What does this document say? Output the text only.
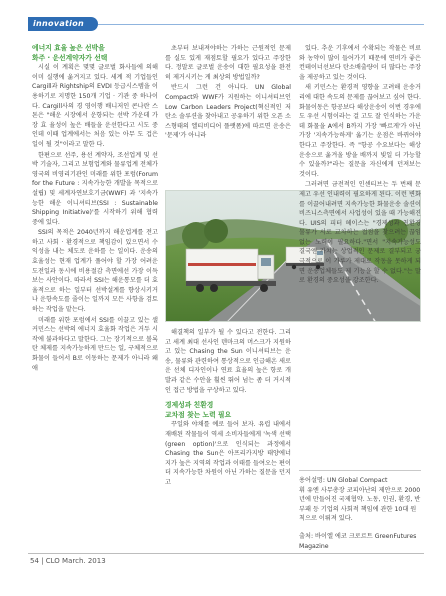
innovation
에너지 효율 높은 선박을
화주 · 운선계약자가 선택

시실 이 계획은 몇몇 글로벌 화사들에 의해 이미 실행에 옮겨지고 있다. 세계 적 기업들인 Cargill과 Rightship의 EVDI 등급시스템을 이용하기로 지명한 150개 기업 · 기관 중 하나이다. Cargill사의 경 영이행 배니저인 콘나란 스톤은 "해운 시장에서 운항되는 선박 가운데 가장 효 율성이 높은 배들을 운선한다고 시도 중 인데 이때 업계에서는 처음 있는 아무 도 겁은 일이 될 것"이라고 말한 다.

한편으로 선주, 용선 계약자, 조선업계 및 선박 기술자, 그리고 보험업계와 물류업계 전체가 영국의 비영리기관인 미래를 위한 포럼(Forum for the Future : 지속가능한 개발을 목적으로 설립) 및 세계자연보호기금(WWF) 과 '지속가능한 해운 이니셔티브(SSI : Sustainable Shipping Initiative)'를 시작하기 위해 협력 중에 있다.

SSI의 목적은 2040년까지 해운업계를 전고하고 사회 · 환경적으로 책임감이 있으면서 수익성을 내는 체도로 운하를 는 일이다. 운송의 효율성는 현재 업계가 풀어야 할 가장 어려운 도전일과 동시에 비용절감 측면에선 가장 이득 보는 사안이다. 따라서 SSI는 해운통모를 더 효율적으로 하는 일부터 선박설계를 향상시키거나 운항속도를 줄이는 일까지 모든 사항을 검토하는 작업을 맡는다.

미래를 위한 포럼에서 SSI를 이끌고 있는 샐 커민스는 선박의 에너지 효율화 작업은 거두 시작에 불과하다고 말한다. 그는 장기적으로 볼록 탄 체제를 지속가능하게 만드는 일, 구체적으로 화물이 들어서 B로 이동하는 문제가 아니라 왜 애

초부터 보내져야하는 가하는 근원적인 문제를 실도 있게 재점토할 필요가 있다고 주장한다. 정말로 글로벌 운송이 대한 필요성을 완전히 제거시키는 게 최상의 방법일까?

반드시 그런 건 아니다. UN Global Compact와 WWF가 지원하는 이니셔티브인 Low Carbon Leaders Project(혁신적인 저탄소 솔루션을 찾아내고 공유하기 위한 오픈 소스형태의 엘티비디어 플랫폼)에 따르면 운송은 '문제'가 아니라

해결책의 일부가 될 수 있다고 전한다. 그리고 세계 최대 선사인 덴마크의 머스크가 지원하고 있는 Chasing the Sun 이니셔티브는 운송, 물류와 관련하여 통상적으로 인급해온 새로운 선체 디자인이나 연료 효율의 높은 항로 개발과 같은 수안을 훨씬 뛰어 넘는 좀 더 거시적인 접근 방법을 구상하고 있다.

경제성과 친환경
교차점 찾는 노력 필요

꾸일와 야채를 예로 들어 보자. 유럽 내에서 재배된 작물들이 역세 소비자들에게 '녹색 선택(green option)'으로 인식되는 과정에서 Chasing the Sun은 아프리카지방 태양에너지가 높은 지역의 작업과 이태를 들여오는 편이 더 지속가능한 차원이 아닌 가하는 질문을 던지고

있다. 추운 기후에서 수확되는 작물은 비료와 농약이 많이 들어가기 때문에 연비가 좋은 컨테이너선보다 탄소배출량이 더 많다는 주장을 제공하고 있는 것이다.

새 키민스는 환경적 영향을 고려해 운송거리에 대한 속도의 문제를 끊어보고 싶어 한다. 화물이동은 항공보다 해상운송이 이번 경우에도 우선 시험이라는 걸 고도 잘 인식하는 가운데 화물을 A에서 B까지 가장 '빠르게'가 아닌 가장 '지속가능하게' 옮기는 운점은 바뀌어야한다고 주장한다. 즉 "항공 수요보다는 해상운송으로 옮겨올 방을 배까지 빛일 더 가능할 수 있을까?"라는 질문을 자신에게 던져보는 것이다.

그러려면 금전적인 인센티브는 두 번째 문제고 우선 인내력이 필요하게 된다. 이런 변화를 이끌어내려면 지속가능한 화물운송 솔션이 비즈니스측면에서 사업성이 있을 때 가능해진다. UIS의 피터 헤이스는 "경제성과 친환경 물류가 서로 교차하는 접점을 찾으려는 끊임없는 노력이 필요하다."면서 "지속가능성도 결국엔 가치는 상업적인 문제로 결부되고 궁극적으로 이 가루가 제대로 작동을 못하게 되면 운송업체들도 제 기능을 할 수 없다."는 말로 환경의 중요성을 강조한다.

용어설명: UN Global Compact
휘 유엔 사무총장 코피아난의 제안으로 2000년에 만들어진 국제협약. 노동, 인권, 환경, 반부패 등 기업의 사회적 책임에 관한 10대 원칙으로 이뤄져 있다.
출처: 바이엘 에코 크로르트 GreenFutures Magazine
54 | CLO March. 2013
